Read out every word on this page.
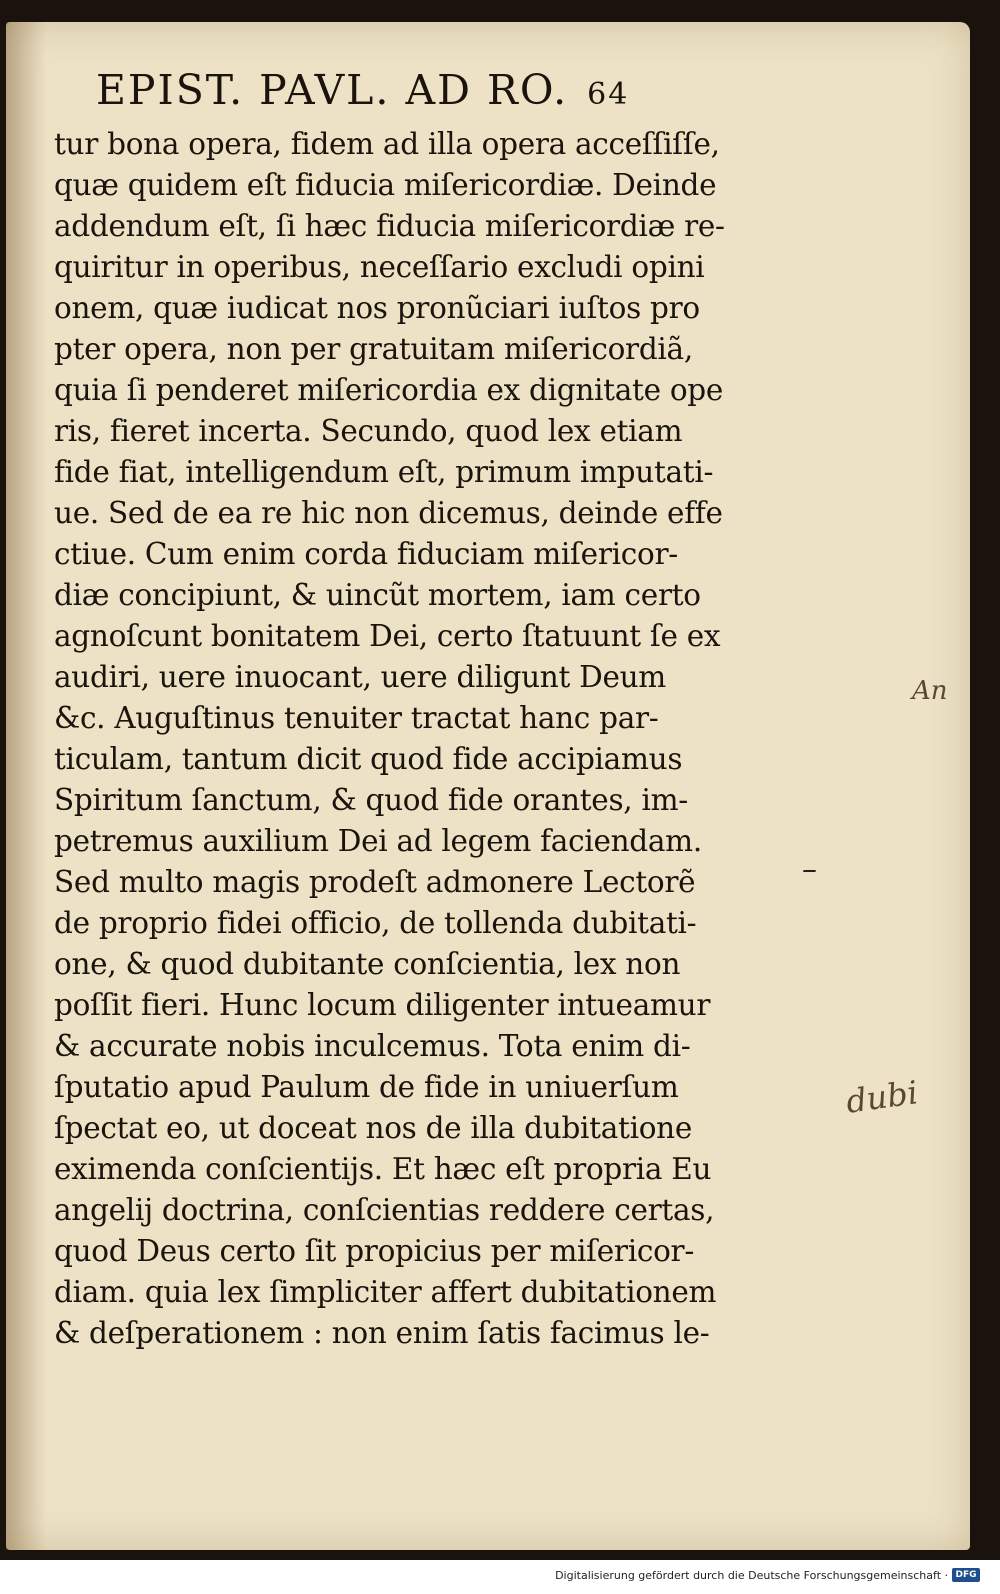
EPIST. PAVL. AD RO. 64
tur bona opera, fidem ad illa opera acceſſiſſe,
quæ quidem eſt fiducia miſericordiæ. Deinde
addendum eſt, ſi hæc fiducia miſericordiæ re-
quiritur in operibus, neceſſario excludi opini
onem, quæ iudicat nos pronũciari iuſtos pro
pter opera, non per gratuitam miſericordiã,
quia ſi penderet miſericordia ex dignitate ope
ris, fieret incerta. Secundo, quod lex etiam
fide fiat, intelligendum eſt, primum imputati-
ue. Sed de ea re hic non dicemus, deinde effe
ctiue. Cum enim corda fiduciam miſericor-
diæ concipiunt, & uincũt mortem, iam certo
agnoſcunt bonitatem Dei, certo ſtatuunt ſe ex
audiri, uere inuocant, uere diligunt Deum
&c. Auguſtinus tenuiter tractat hanc par-
ticulam, tantum dicit quod fide accipiamus
Spiritum ſanctum, & quod fide orantes, im-
petremus auxilium Dei ad legem faciendam.
Sed multo magis prodeſt admonere Lectorẽ
de proprio fidei officio, de tollenda dubitati-
one, & quod dubitante conſcientia, lex non
poſſit fieri. Hunc locum diligenter intueamur
& accurate nobis inculcemus. Tota enim di-
ſputatio apud Paulum de fide in uniuerſum
ſpectat eo, ut doceat nos de illa dubitatione
eximenda conſcientijs. Et hæc eſt propria Eu
angelij doctrina, conſcientias reddere certas,
quod Deus certo ſit propicius per miſericor-
diam. quia lex ſimpliciter affert dubitationem
& deſperationem : non enim ſatis facimus le-
An
–
dubi
Digitalisierung gefördert durch die Deutsche Forschungsgemeinschaft · DFG
